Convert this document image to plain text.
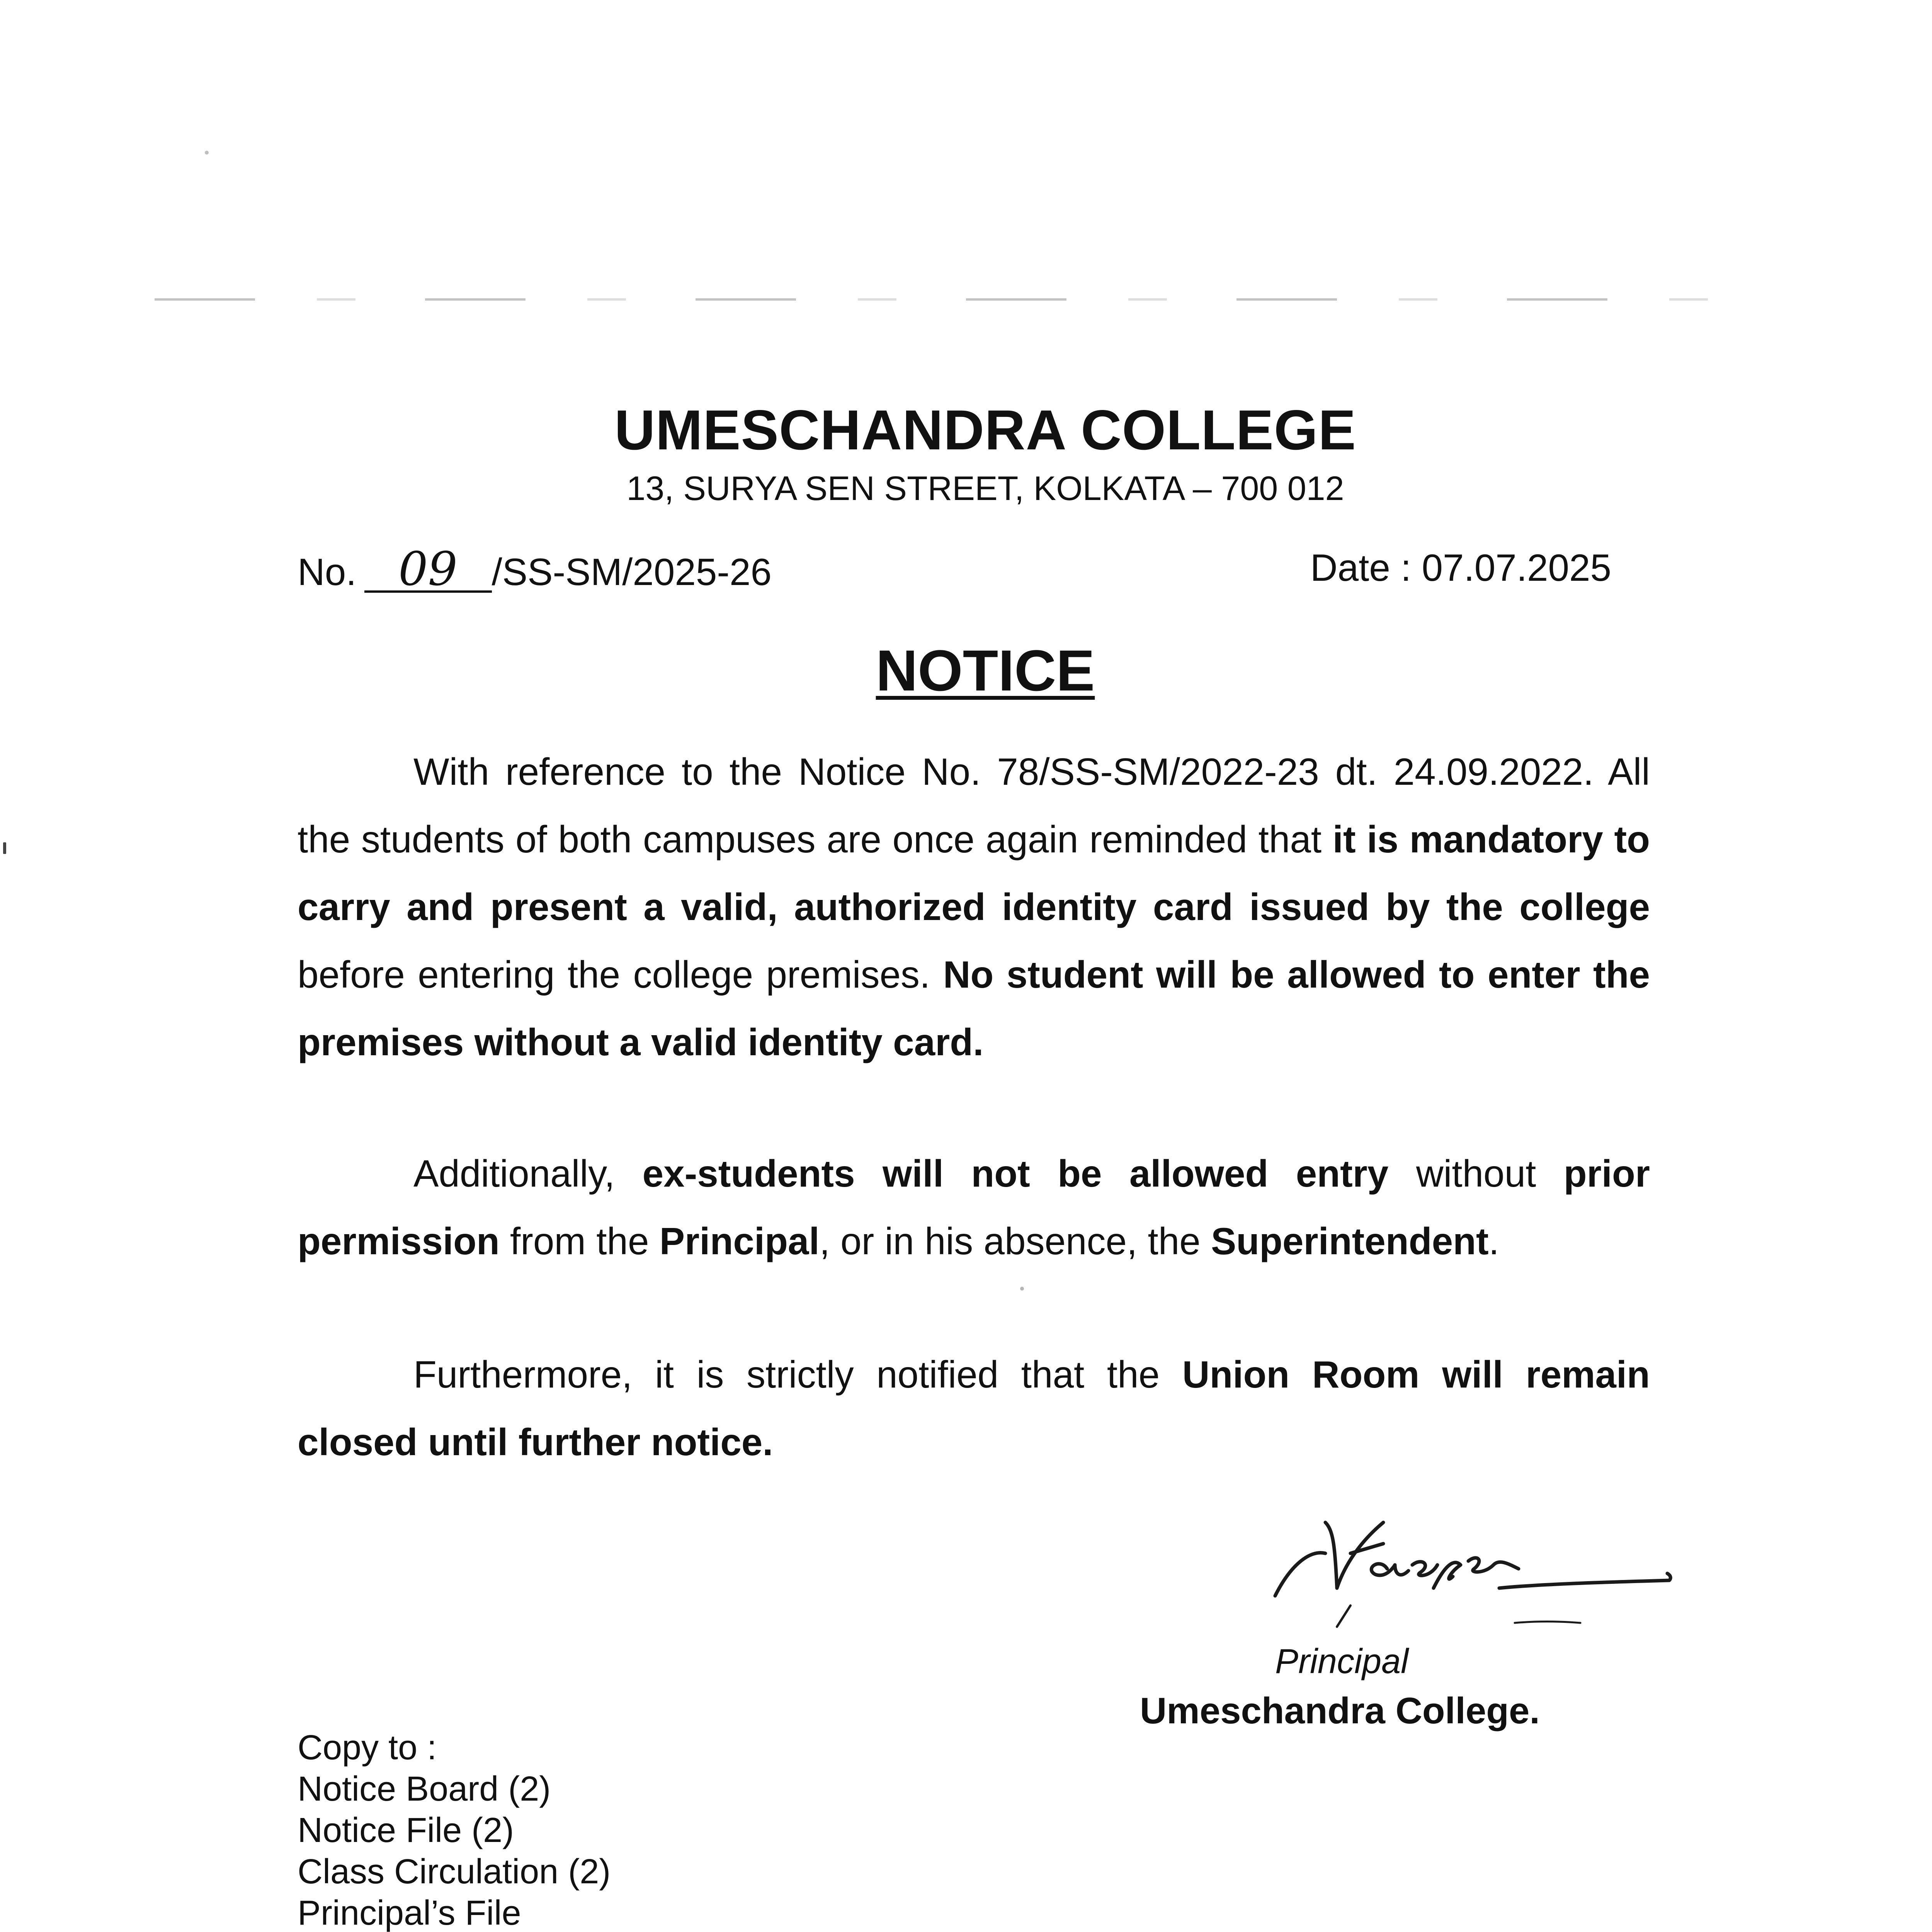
UMESCHANDRA COLLEGE
13, SURYA SEN STREET, KOLKATA – 700 012
No. 09 /SS-SM/2025-26	Date : 07.07.2025
NOTICE
With reference to the Notice No. 78/SS-SM/2022-23 dt. 24.09.2022. All the students of both campuses are once again reminded that it is mandatory to carry and present a valid, authorized identity card issued by the college before entering the college premises. No student will be allowed to enter the premises without a valid identity card.
Additionally, ex-students will not be allowed entry without prior permission from the Principal, or in his absence, the Superintendent.
Furthermore, it is strictly notified that the Union Room will remain closed until further notice.
Principal
Umeschandra College.
Copy to :
Notice Board (2)
Notice File (2)
Class Circulation (2)
Principal’s File
